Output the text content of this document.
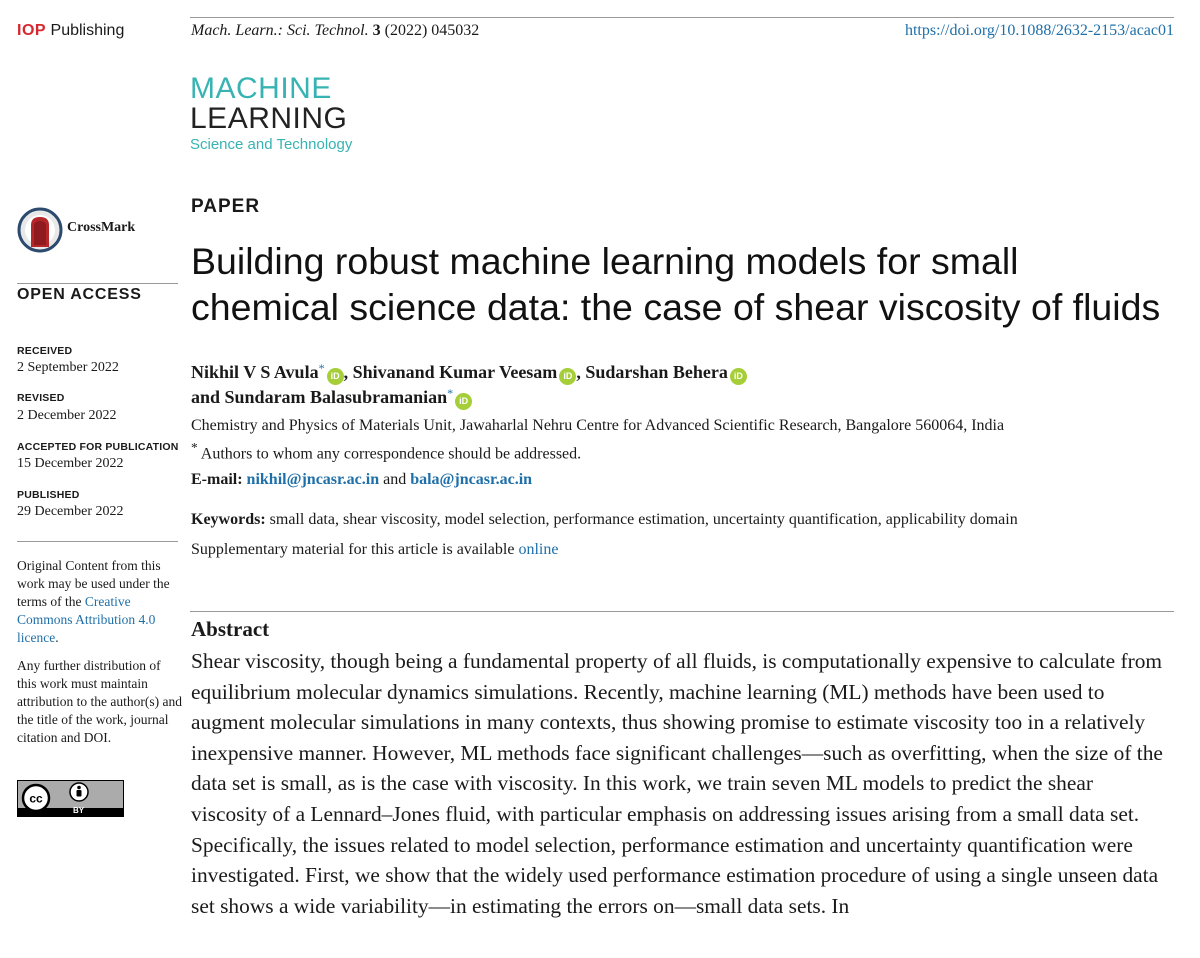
IOP Publishing	Mach. Learn.: Sci. Technol. 3 (2022) 045032	https://doi.org/10.1088/2632-2153/acac01
MACHINE
LEARNING
Science and Technology
CrossMark
OPEN ACCESS
RECEIVED
2 September 2022
REVISED
2 December 2022
ACCEPTED FOR PUBLICATION
15 December 2022
PUBLISHED
29 December 2022
Original Content from this work may be used under the terms of the Creative Commons Attribution 4.0 licence.
Any further distribution of this work must maintain attribution to the author(s) and the title of the work, journal citation and DOI.
cc
BY
PAPER
Building robust machine learning models for small chemical science data: the case of shear viscosity of fluids
Nikhil V S Avula*iD , Shivanand Kumar Veesam iD , Sudarshan Behera iD
and Sundaram Balasubramanian*iD
Chemistry and Physics of Materials Unit, Jawaharlal Nehru Centre for Advanced Scientific Research, Bangalore 560064, India
* Authors to whom any correspondence should be addressed.
E-mail: nikhil@jncasr.ac.in and bala@jncasr.ac.in
Keywords: small data, shear viscosity, model selection, performance estimation, uncertainty quantification, applicability domain
Supplementary material for this article is available online
Abstract
Shear viscosity, though being a fundamental property of all fluids, is computationally expensive to calculate from equilibrium molecular dynamics simulations. Recently, machine learning (ML) methods have been used to augment molecular simulations in many contexts, thus showing promise to estimate viscosity too in a relatively inexpensive manner. However, ML methods face significant challenges—such as overfitting, when the size of the data set is small, as is the case with viscosity. In this work, we train seven ML models to predict the shear viscosity of a Lennard–Jones fluid, with particular emphasis on addressing issues arising from a small data set. Specifically, the issues related to model selection, performance estimation and uncertainty quantification were investigated. First, we show that the widely used performance estimation procedure of using a single unseen data set shows a wide variability—in estimating the errors on—small data sets. In
